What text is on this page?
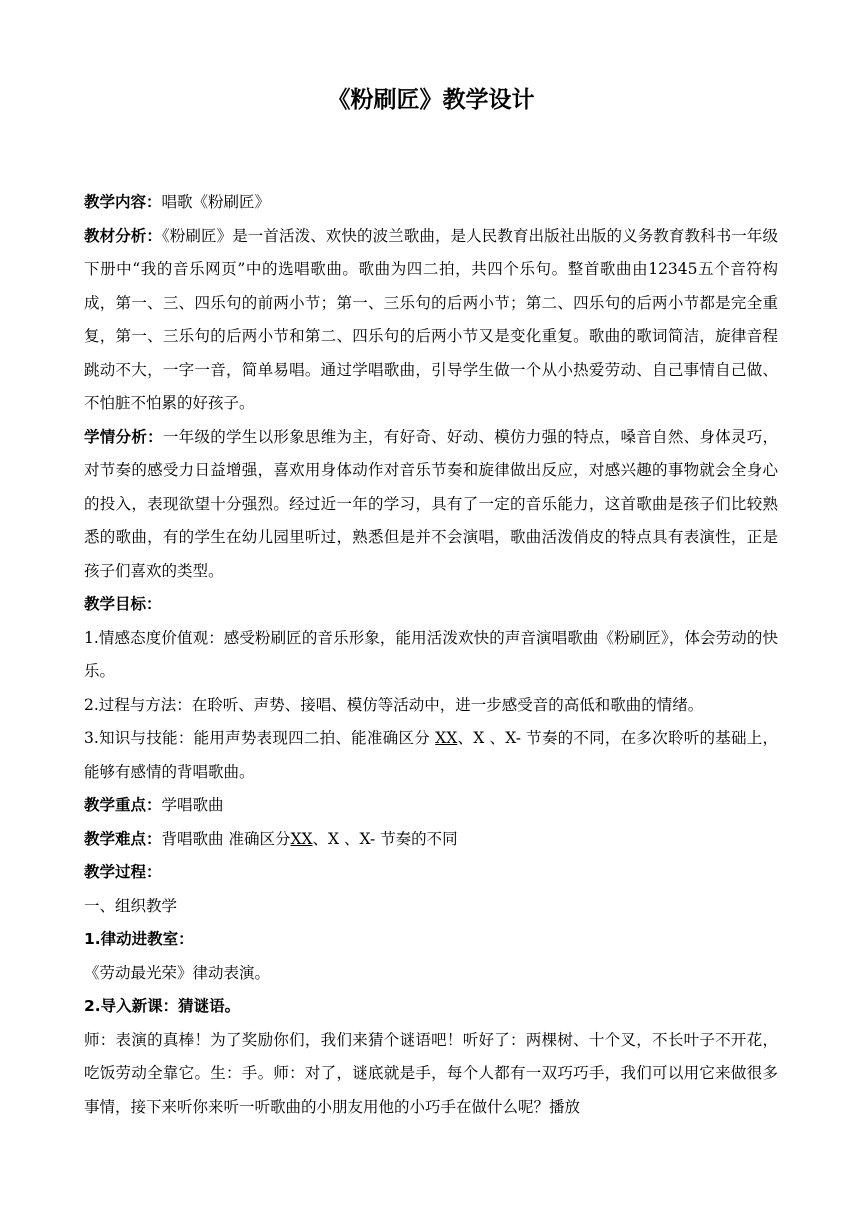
《粉刷匠》教学设计

教学内容：唱歌《粉刷匠》

教材分析：《粉刷匠》是一首活泼、欢快的波兰歌曲，是人民教育出版社出版的义务教育教科书一年级下册中“我的音乐网页”中的选唱歌曲。歌曲为四二拍，共四个乐句。整首歌曲由12345五个音符构成，第一、三、四乐句的前两小节；第一、三乐句的后两小节；第二、四乐句的后两小节都是完全重复，第一、三乐句的后两小节和第二、四乐句的后两小节又是变化重复。歌曲的歌词简洁，旋律音程跳动不大，一字一音，简单易唱。通过学唱歌曲，引导学生做一个从小热爱劳动、自己事情自己做、不怕脏不怕累的好孩子。

学情分析：一年级的学生以形象思维为主，有好奇、好动、模仿力强的特点，嗓音自然、身体灵巧，对节奏的感受力日益增强，喜欢用身体动作对音乐节奏和旋律做出反应，对感兴趣的事物就会全身心的投入，表现欲望十分强烈。经过近一年的学习，具有了一定的音乐能力，这首歌曲是孩子们比较熟悉的歌曲，有的学生在幼儿园里听过，熟悉但是并不会演唱，歌曲活泼俏皮的特点具有表演性，正是孩子们喜欢的类型。

教学目标：

1.情感态度价值观：感受粉刷匠的音乐形象，能用活泼欢快的声音演唱歌曲《粉刷匠》，体会劳动的快乐。

2.过程与方法：在聆听、声势、接唱、模仿等活动中，进一步感受音的高低和歌曲的情绪。

3.知识与技能：能用声势表现四二拍、能准确区分 XX、X 、X- 节奏的不同，在多次聆听的基础上，能够有感情的背唱歌曲。

教学重点：学唱歌曲

教学难点：背唱歌曲 准确区分XX、X 、X- 节奏的不同

教学过程：

一、组织教学

1.律动进教室：

《劳动最光荣》律动表演。

2.导入新课：猜谜语。

师：表演的真棒！为了奖励你们，我们来猜个谜语吧！听好了：两棵树、十个叉，不长叶子不开花，吃饭劳动全靠它。生：手。师：对了，谜底就是手，每个人都有一双巧巧手，我们可以用它来做很多事情，接下来听你来听一听歌曲的小朋友用他的小巧手在做什么呢？播放
